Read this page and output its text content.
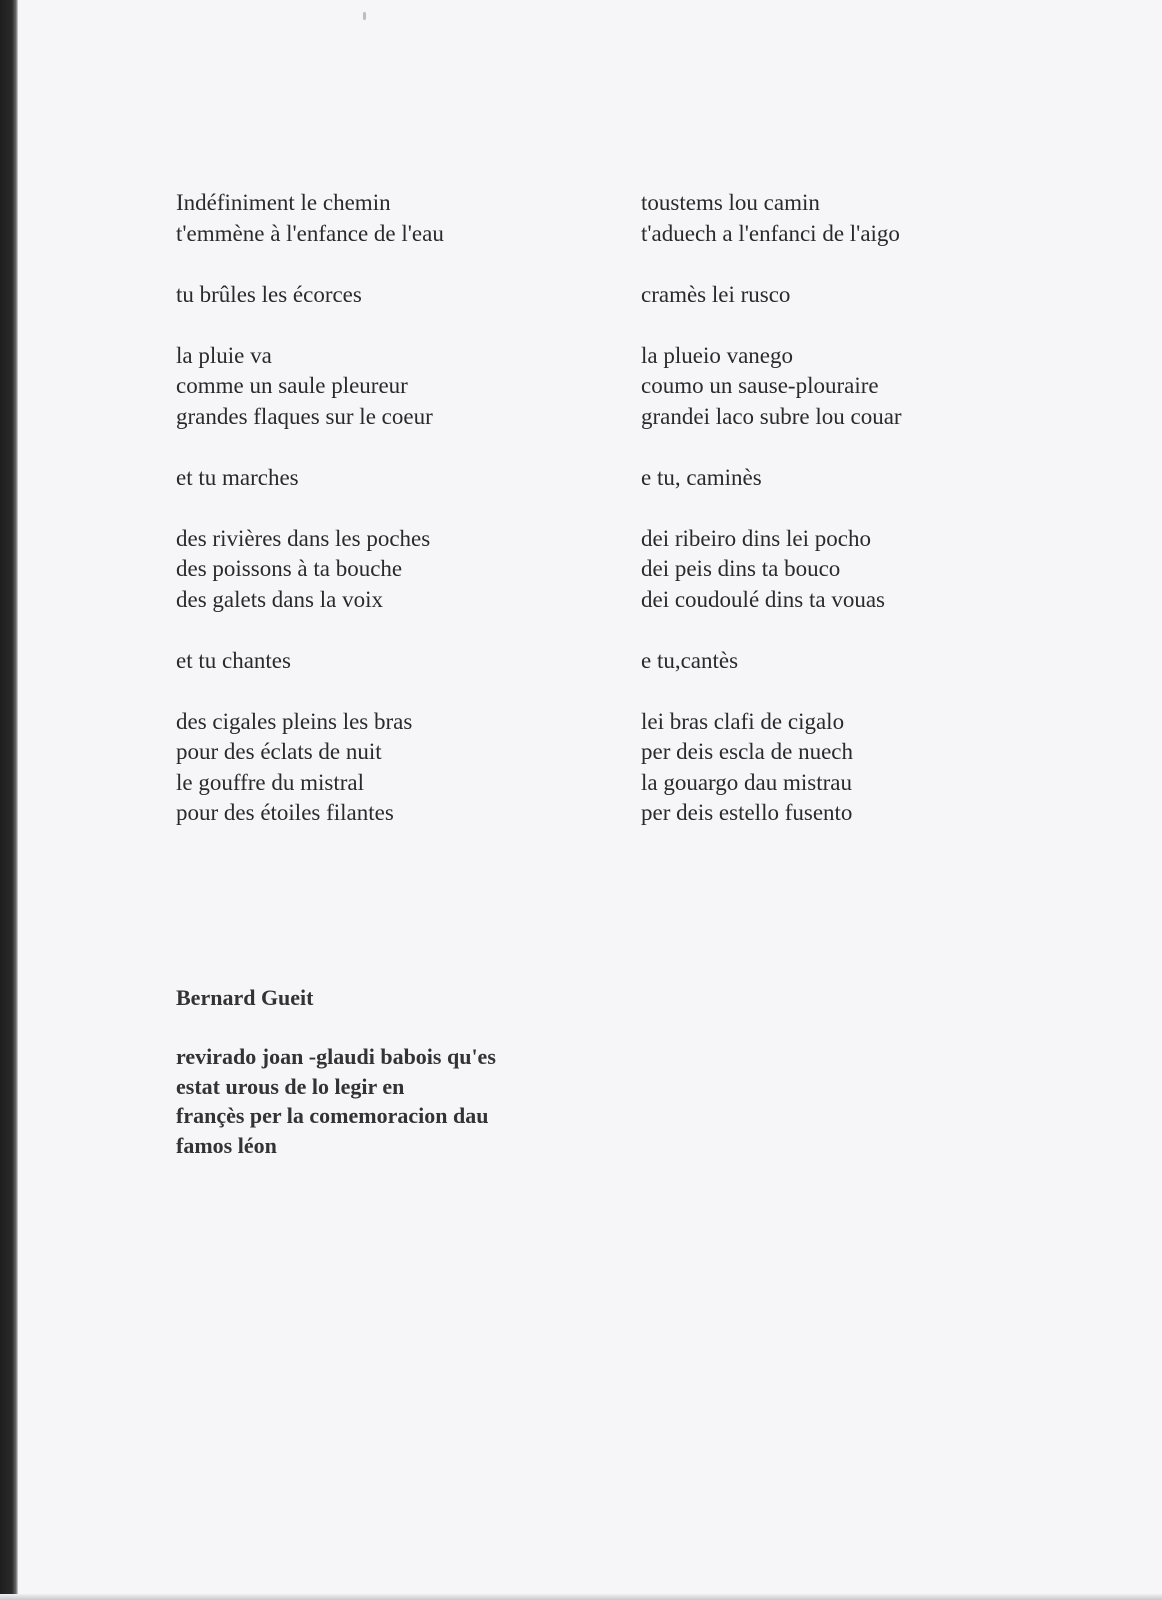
Indéfiniment le chemin
t'emmène à l'enfance de l'eau
tu brûles les écorces
la pluie va
comme un saule pleureur
grandes flaques sur le coeur
et tu marches
des rivières dans les poches
des poissons à ta bouche
des galets dans la voix
et tu chantes
des cigales pleins les bras
pour des éclats de nuit
le gouffre du mistral
pour des étoiles filantes
toustems lou camin
t'aduech a l'enfanci de l'aigo
cramès lei rusco
la plueio vanego
coumo un sause-plouraire
grandei laco subre lou couar
e tu, caminès
dei ribeiro dins lei pocho
dei peis dins ta bouco
dei coudoulé dins ta vouas
e tu,cantès
lei bras clafi de cigalo
per deis escla de nuech
la gouargo dau mistrau
per deis estello fusento
Bernard Gueit
revirado joan -glaudi babois qu'es
estat urous de lo legir en
françès per la comemoracion dau
famos léon
